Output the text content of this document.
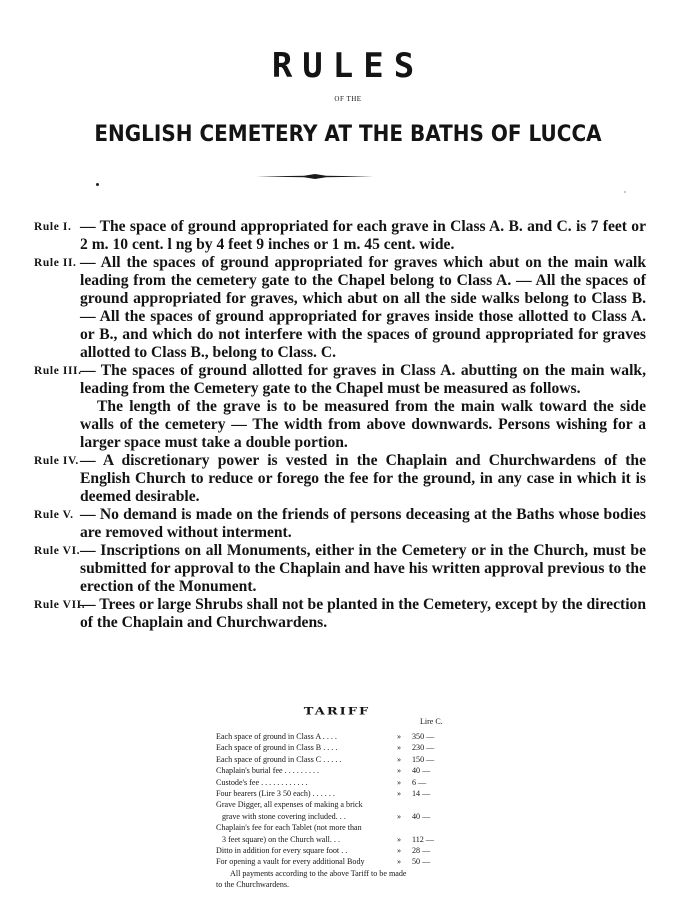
RULES
OF THE
ENGLISH CEMETERY AT THE BATHS OF LUCCA
Rule I. — The space of ground appropriated for each grave in Class A. B. and C. is 7 feet or 2 m. 10 cent. l ng by 4 feet 9 inches or 1 m. 45 cent. wide.
Rule II. — All the spaces of ground appropriated for graves which abut on the main walk leading from the cemetery gate to the Chapel belong to Class A. — All the spaces of ground appropriated for graves, which abut on all the side walks belong to Class B. — All the spaces of ground appropriated for graves inside those allotted to Class A. or B., and which do not interfere with the spaces of ground appropriated for graves allotted to Class B., belong to Class. C.
Rule III.
— The spaces of ground allotted for graves in Class A. abutting on the main walk, leading from the Cemetery gate to the Chapel must be measured as follows.
The length of the grave is to be measured from the main walk toward the side walls of the cemetery — The width from above downwards. Persons wishing for a larger space must take a double portion.
Rule IV. — A discretionary power is vested in the Chaplain and Churchwardens of the English Church to reduce or forego the fee for the ground, in any case in which it is deemed desirable.
Rule V. — No demand is made on the friends of persons deceasing at the Baths whose bodies are removed without interment.
Rule VI. — Inscriptions on all Monuments, either in the Cemetery or in the Church, must be submitted for approval to the Chaplain and have his written approval previous to the erection of the Monument.
Rule VII.
— Trees or large Shrubs shall not be planted in the Cemetery, except by the direction of the Chaplain and Churchwardens.
TARIFF
Lire C.
Each space of ground in Class A . . . .	» 350 —
Each space of ground in Class B . . . .	» 230 —
Each space of ground in Class C . . . . .	» 150 —
Chaplain's burial fee . . . . . . . . .	» 40 —
Custode's fee . . . . . . . . . . . .	» 6 —
Four bearers (Lire 3 50 each) . . . . . .	» 14 —
Grave Digger, all expenses of making a brick
grave with stone covering included. . .	» 40 —
Chaplain's fee for each Tablet (not more than
3 feet square) on the Church wall. . .	» 112 —
Ditto in addition for every square foot . .	» 28 —
For opening a vault for every additional Body	» 50 —
All payments according to the above Tariff to be made
to the Churchwardens.
